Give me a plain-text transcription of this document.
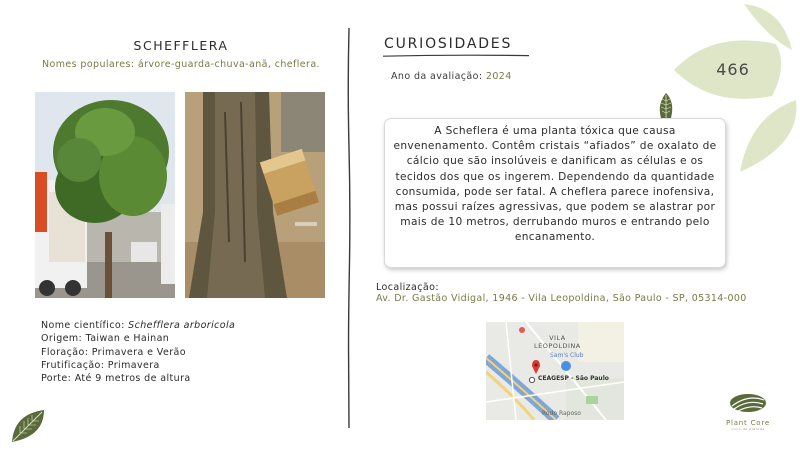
SCHEFFLERA
Nomes populares: árvore-guarda-chuva-anã, cheflera.
Nome científico: Schefflera arboricola
Origem: Taiwan e Hainan
Floração: Primavera e Verão
Frutificação: Primavera
Porte: Até 9 metros de altura
CURIOSIDADES
Ano da avaliação: 2024	466
A Scheflera é uma planta tóxica que causa envenenamento. Contêm cristais “afiados” de oxalato de cálcio que são insolúveis e danificam as células e os tecidos dos que os ingerem. Dependendo da quantidade consumida, pode ser fatal. A chefIera parece inofensiva, mas possui raízes agressivas, que podem se alastrar por mais de 10 metros, derrubando muros e entrando pelo encanamento.
Localização:
Av. Dr. Gastão Vidigal, 1946 - Vila Leopoldina, São Paulo - SP, 05314-000
VILA
LEOPOLDINA
Sam's Club
CEAGESP - São Paulo
Rodo Raposo
Plant Core
ciclo de plantas
